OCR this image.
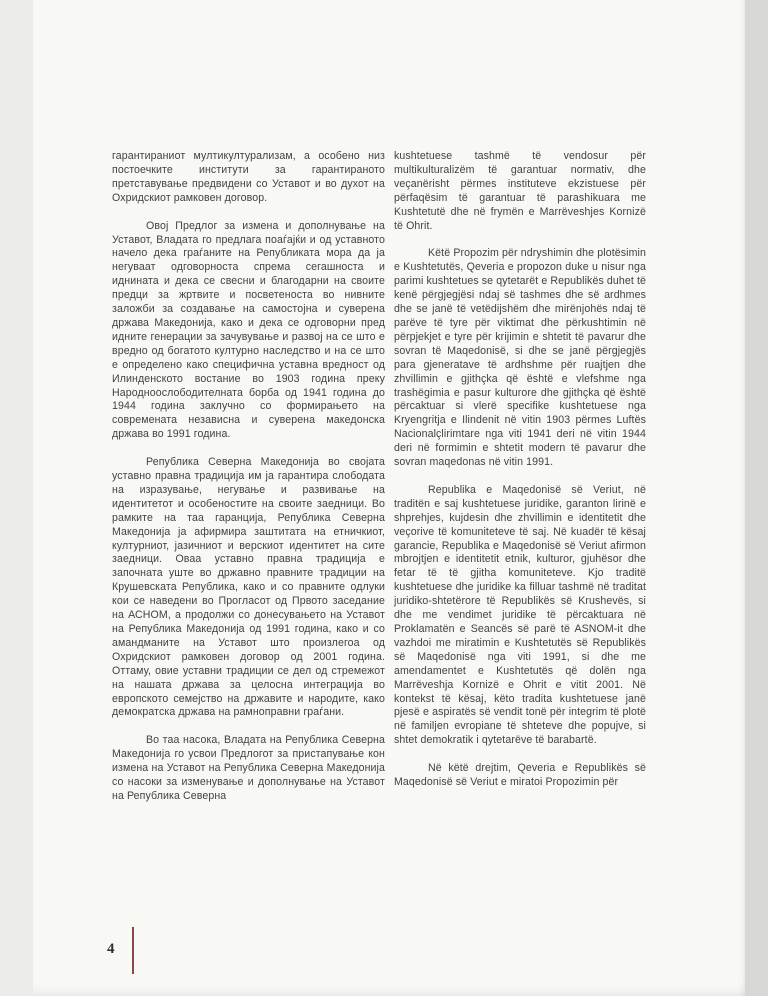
гарантираниот мултикултурализам, а особено низ постоечките институти за гарантираното претставување предвидени со Уставот и во духот на Охридскиот рамковен договор.

Овој Предлог за измена и дополнување на Уставот, Владата го предлага поаѓајќи и од уставното начело дека граѓаните на Републиката мора да ја негуваат одговорноста спрема сегашноста и иднината и дека се свесни и благодарни на своите предци за жртвите и посветеноста во нивните заложби за создавање на самостојна и суверена држава Македонија, како и дека се одговорни пред идните генерации за зачувување и развој на се што е вредно од богатото културно наследство и на се што е определено како специфична уставна вредност од Илинденското востание во 1903 година преку Народноослободителната борба од 1941 година до 1944 година заклучно со формирањето на современата независна и суверена македонска држава во 1991 година.

Република Северна Македонија во својата уставно правна традиција им ја гарантира слободата на изразување, негување и развивање на идентитетот и особеностите на своите заедници. Во рамките на таа гаранција, Република Северна Македонија ја афирмира заштитата на етничкиот, културниот, јазичниот и верскиот идентитет на сите заедници. Оваа уставно правна традиција е започната уште во државно правните традиции на Крушевската Република, како и со правните одлуки кои се наведени во Прогласот од Првото заседание на АСНОМ, а продолжи со донесувањето на Уставот на Република Македонија од 1991 година, како и со амандманите на Уставот што произлегоа од Охридскиот рамковен договор од 2001 година. Оттаму, овие уставни традиции се дел од стремежот на нашата држава за целосна интеграција во европското семејство на државите и народите, како демократска држава на рамноправни граѓани.

Во таа насока, Владата на Република Северна Македонија го усвои Предлогот за пристапување кон измена на Уставот на Република Северна Македонија со насоки за изменување и дополнување на Уставот на Република Северна

kushtetuese tashmë të vendosur për multikulturalizëm të garantuar normativ, dhe veçanërisht përmes instituteve ekzistuese për përfaqësim të garantuar të parashikuara me Kushtetutë dhe në frymën e Marrëveshjes Kornizë të Ohrit.

Këtë Propozim për ndryshimin dhe plotësimin e Kushtetutës, Qeveria e propozon duke u nisur nga parimi kushtetues se qytetarët e Republikës duhet të kenë përgjegjësi ndaj së tashmes dhe së ardhmes dhe se janë të vetëdijshëm dhe mirënjohës ndaj të parëve të tyre për viktimat dhe përkushtimin në përpjekjet e tyre për krijimin e shtetit të pavarur dhe sovran të Maqedonisë, si dhe se janë përgjegjës para gjeneratave të ardhshme për ruajtjen dhe zhvillimin e gjithçka që është e vlefshme nga trashëgimia e pasur kulturore dhe gjithçka që është përcaktuar si vlerë specifike kushtetuese nga Kryengritja e Ilindenit në vitin 1903 përmes Luftës Nacionalçlirimtare nga viti 1941 deri në vitin 1944 deri në formimin e shtetit modern të pavarur dhe sovran maqedonas në vitin 1991.

Republika e Maqedonisë së Veriut, në traditën e saj kushtetuese juridike, garanton lirinë e shprehjes, kujdesin dhe zhvillimin e identitetit dhe veçorive të komuniteteve të saj. Në kuadër të kësaj garancie, Republika e Maqedonisë së Veriut afirmon mbrojtjen e identitetit etnik, kulturor, gjuhësor dhe fetar të të gjitha komuniteteve. Kjo traditë kushtetuese dhe juridike ka filluar tashmë në traditat juridiko-shtetërore të Republikës së Krushevës, si dhe me vendimet juridike të përcaktuara në Proklamatën e Seancës së parë të ASNOM-it dhe vazhdoi me miratimin e Kushtetutës së Republikës së Maqedonisë nga viti 1991, si dhe me amendamentet e Kushtetutës që dolën nga Marrëveshja Kornizë e Ohrit e vitit 2001. Në kontekst të kësaj, këto tradita kushtetuese janë pjesë e aspiratës së vendit tonë për integrim të plotë në familjen evropiane të shteteve dhe popujve, si shtet demokratik i qytetarëve të barabartë.

Në këtë drejtim, Qeveria e Republikës së Maqedonisë së Veriut e miratoi Propozimin për

4
